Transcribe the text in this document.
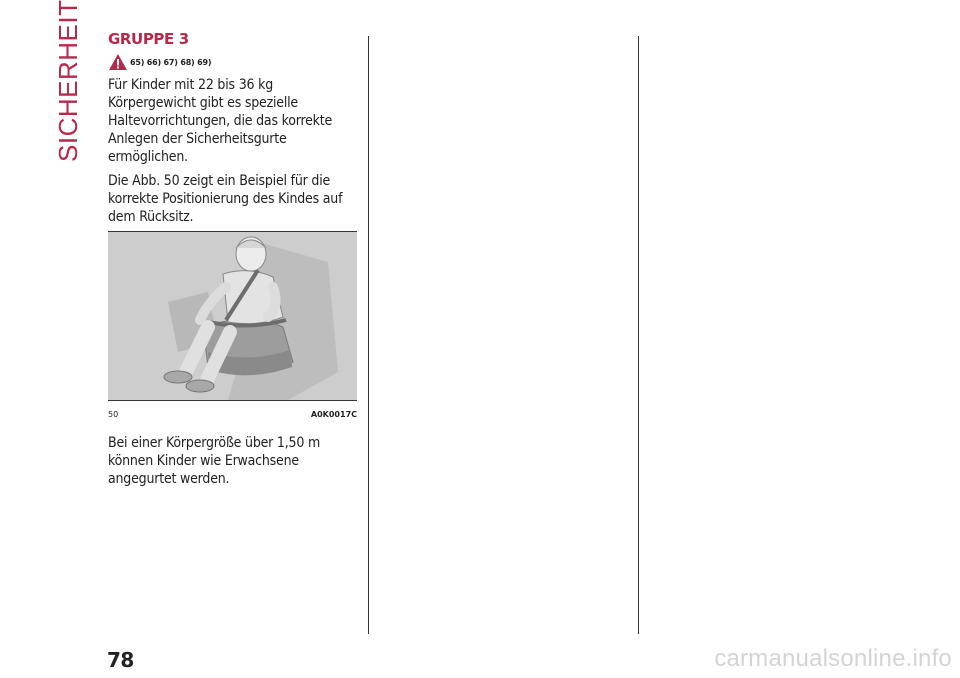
SICHERHEIT GRUPPE 3
65) 66) 67) 68) 69)

Für Kinder mit 22 bis 36 kg Körpergewicht gibt es spezielle Haltevorrichtungen, die das korrekte Anlegen der Sicherheitsgurte ermöglichen.

Die Abb. 50 zeigt ein Beispiel für die korrekte Positionierung des Kindes auf dem Rücksitz.

50	A0K0017C

Bei einer Körpergröße über 1,50 m können Kinder wie Erwachsene angegurtet werden.

78	carmanualsonline.info
